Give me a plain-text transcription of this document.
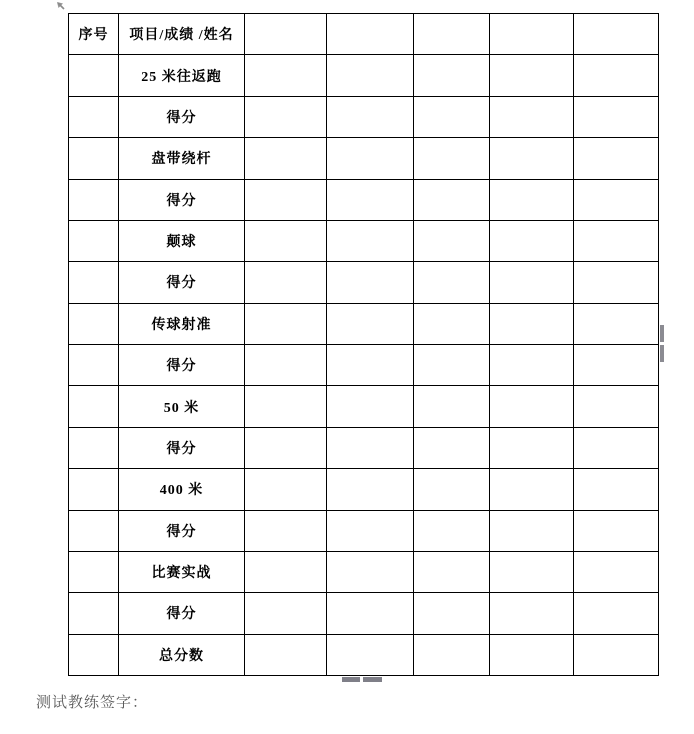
序号	项目/成绩 /姓名					
	25 米往返跑					
	得分					
	盘带绕杆					
	得分					
	颠球					
	得分					
	传球射准					
	得分					
	50 米					
	得分					
	400 米					
	得分					
	比赛实战					
	得分					
	总分数					
测试教练签字：
